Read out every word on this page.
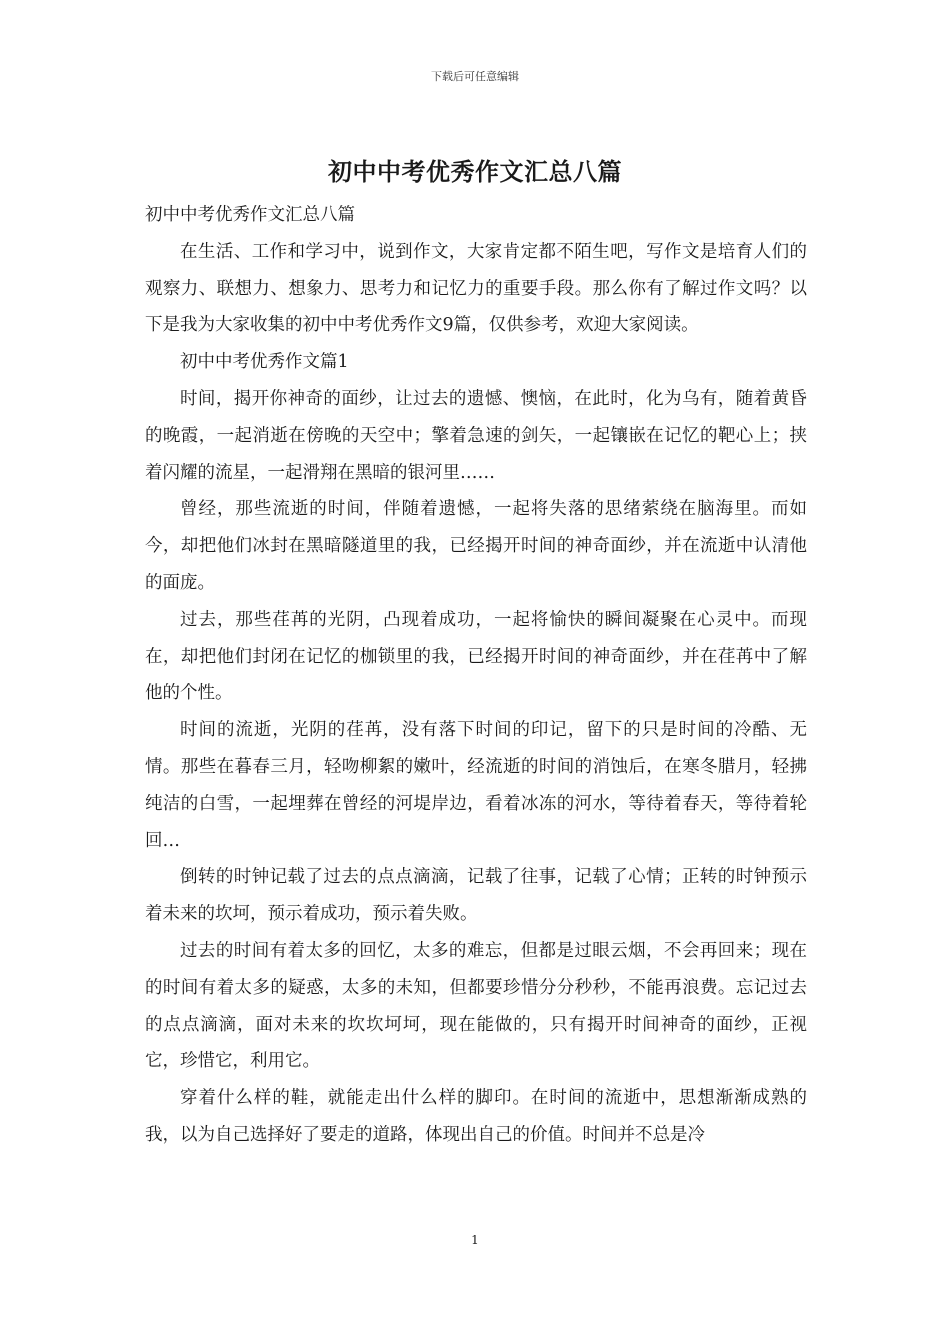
下载后可任意编辑
初中中考优秀作文汇总八篇

初中中考优秀作文汇总八篇

在生活、工作和学习中，说到作文，大家肯定都不陌生吧，写作文是培育人们的观察力、联想力、想象力、思考力和记忆力的重要手段。那么你有了解过作文吗？以下是我为大家收集的初中中考优秀作文9篇，仅供参考，欢迎大家阅读。

初中中考优秀作文篇1

时间，揭开你神奇的面纱，让过去的遗憾、懊恼，在此时，化为乌有，随着黄昏的晚霞，一起消逝在傍晚的天空中；擎着急速的剑矢，一起镶嵌在记忆的靶心上；挟着闪耀的流星，一起滑翔在黑暗的银河里……

曾经，那些流逝的时间，伴随着遗憾，一起将失落的思绪萦绕在脑海里。而如今，却把他们冰封在黑暗隧道里的我，已经揭开时间的神奇面纱，并在流逝中认清他的面庞。

过去，那些荏苒的光阴，凸现着成功，一起将愉快的瞬间凝聚在心灵中。而现在，却把他们封闭在记忆的枷锁里的我，已经揭开时间的神奇面纱，并在荏苒中了解他的个性。

时间的流逝，光阴的荏苒，没有落下时间的印记，留下的只是时间的冷酷、无情。那些在暮春三月，轻吻柳絮的嫩叶，经流逝的时间的消蚀后，在寒冬腊月，轻拂纯洁的白雪，一起埋葬在曾经的河堤岸边，看着冰冻的河水，等待着春天，等待着轮回…

倒转的时钟记载了过去的点点滴滴，记载了往事，记载了心情；正转的时钟预示着未来的坎坷，预示着成功，预示着失败。

过去的时间有着太多的回忆，太多的难忘，但都是过眼云烟，不会再回来；现在的时间有着太多的疑惑，太多的未知，但都要珍惜分分秒秒，不能再浪费。忘记过去的点点滴滴，面对未来的坎坎坷坷，现在能做的，只有揭开时间神奇的面纱，正视它，珍惜它，利用它。

穿着什么样的鞋，就能走出什么样的脚印。在时间的流逝中，思想渐渐成熟的我，以为自己选择好了要走的道路，体现出自己的价值。时间并不总是冷

1
